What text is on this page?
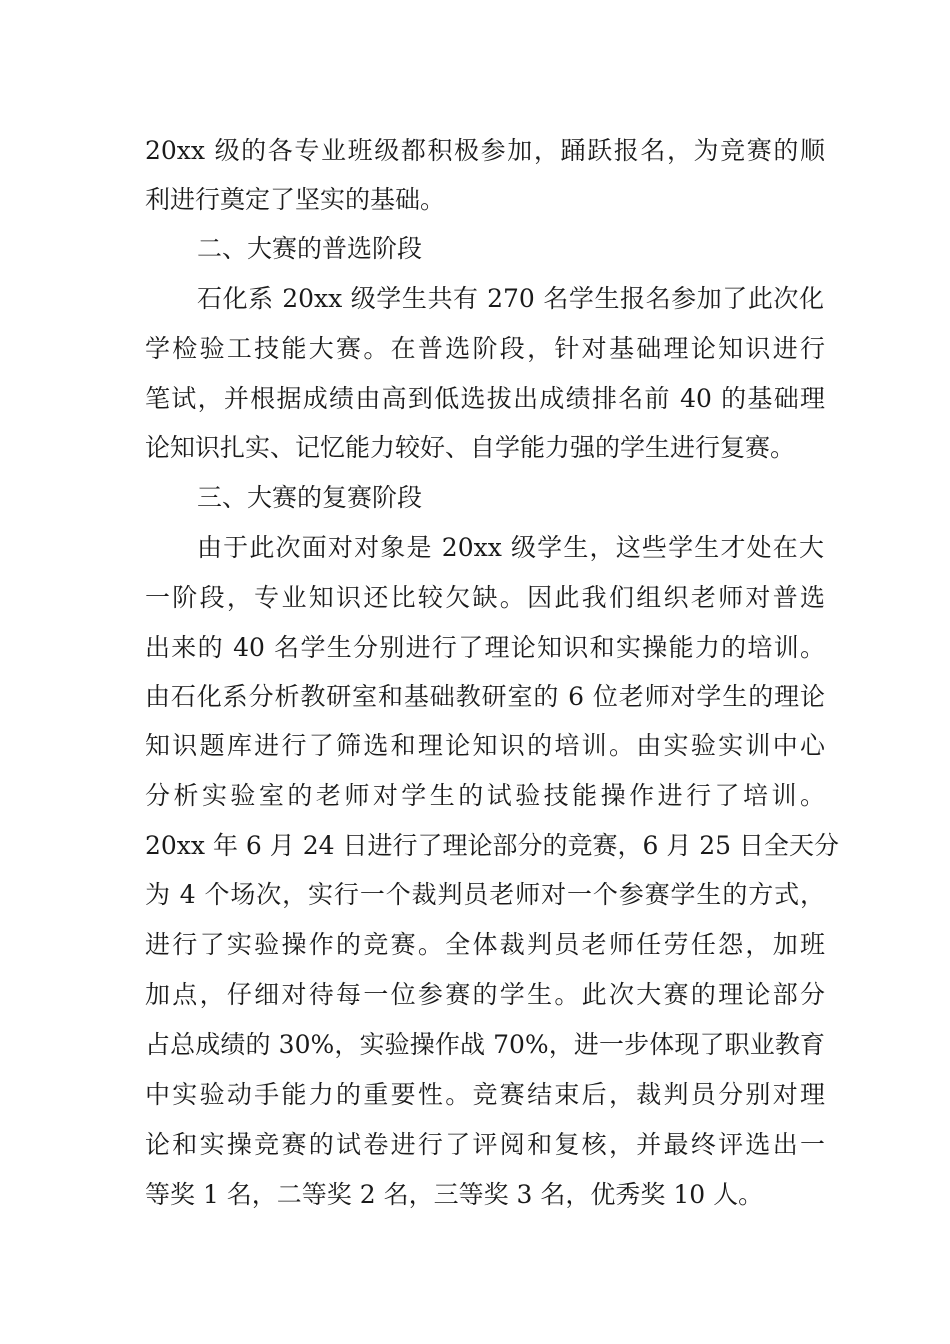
20xx 级的各专业班级都积极参加，踊跃报名，为竞赛的顺
利进行奠定了坚实的基础。
二、大赛的普选阶段
石化系 20xx 级学生共有 270 名学生报名参加了此次化
学检验工技能大赛。在普选阶段，针对基础理论知识进行
笔试，并根据成绩由高到低选拔出成绩排名前 40 的基础理
论知识扎实、记忆能力较好、自学能力强的学生进行复赛。
三、大赛的复赛阶段
由于此次面对对象是 20xx 级学生，这些学生才处在大
一阶段，专业知识还比较欠缺。因此我们组织老师对普选
出来的 40 名学生分别进行了理论知识和实操能力的培训。
由石化系分析教研室和基础教研室的 6 位老师对学生的理论
知识题库进行了筛选和理论知识的培训。由实验实训中心
分析实验室的老师对学生的试验技能操作进行了培训。
20xx 年 6 月 24 日进行了理论部分的竞赛，6 月 25 日全天分
为 4 个场次，实行一个裁判员老师对一个参赛学生的方式，
进行了实验操作的竞赛。全体裁判员老师任劳任怨，加班
加点，仔细对待每一位参赛的学生。此次大赛的理论部分
占总成绩的 30%，实验操作战 70%，进一步体现了职业教育
中实验动手能力的重要性。竞赛结束后，裁判员分别对理
论和实操竞赛的试卷进行了评阅和复核，并最终评选出一
等奖 1 名，二等奖 2 名，三等奖 3 名，优秀奖 10 人。
